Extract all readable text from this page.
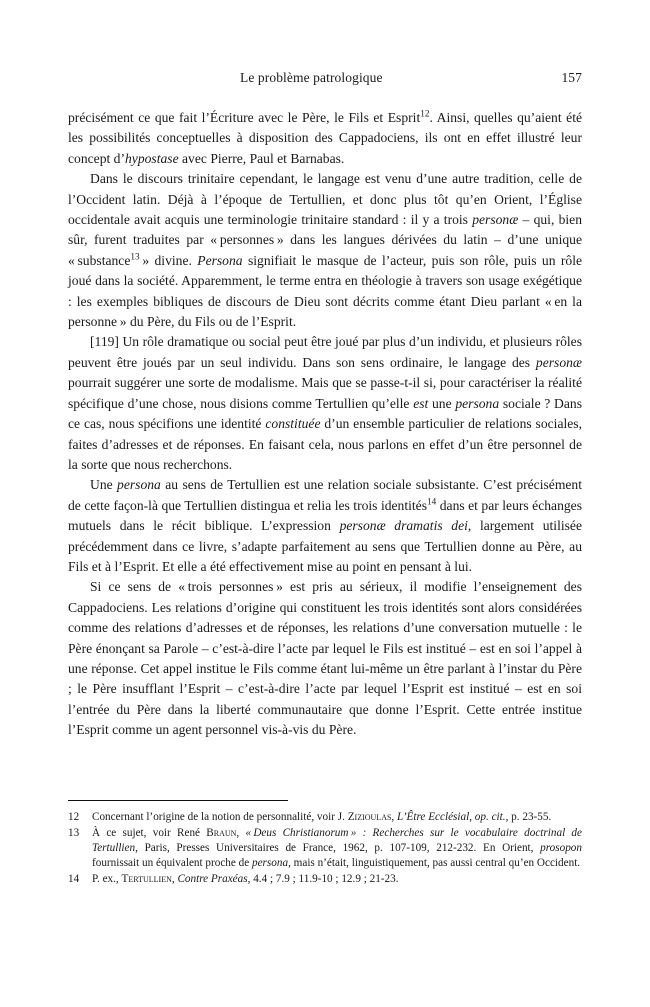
Le problème patrologique	157

précisément ce que fait l’Écriture avec le Père, le Fils et Esprit$^{12}$. Ainsi, quelles qu’aient été les possibilités conceptuelles à disposition des Cappadociens, ils ont en effet illustré leur concept d’hypostase avec Pierre, Paul et Barnabas.

Dans le discours trinitaire cependant, le langage est venu d’une autre tradition, celle de l’Occident latin. Déjà à l’époque de Tertullien, et donc plus tôt qu’en Orient, l’Église occidentale avait acquis une terminologie trinitaire standard : il y a trois personæ – qui, bien sûr, furent traduites par « personnes » dans les langues dérivées du latin – d’une unique « substance$^{13}$ » divine. Persona signifiait le masque de l’acteur, puis son rôle, puis un rôle joué dans la société. Apparemment, le terme entra en théologie à travers son usage exégétique : les exemples bibliques de discours de Dieu sont décrits comme étant Dieu parlant « en la personne » du Père, du Fils ou de l’Esprit.

[119] Un rôle dramatique ou social peut être joué par plus d’un individu, et plusieurs rôles peuvent être joués par un seul individu. Dans son sens ordinaire, le langage des personæ pourrait suggérer une sorte de modalisme. Mais que se passe-t-il si, pour caractériser la réalité spécifique d’une chose, nous disions comme Tertullien qu’elle est une persona sociale ? Dans ce cas, nous spécifions une identité constituée d’un ensemble particulier de relations sociales, faites d’adresses et de réponses. En faisant cela, nous parlons en effet d’un être personnel de la sorte que nous recherchons.

Une persona au sens de Tertullien est une relation sociale subsistante. C’est précisément de cette façon-là que Tertullien distingua et relia les trois identités$^{14}$ dans et par leurs échanges mutuels dans le récit biblique. L’expression personæ dramatis dei, largement utilisée précédemment dans ce livre, s’adapte parfaitement au sens que Tertullien donne au Père, au Fils et à l’Esprit. Et elle a été effectivement mise au point en pensant à lui.

Si ce sens de « trois personnes » est pris au sérieux, il modifie l’enseignement des Cappadociens. Les relations d’origine qui constituent les trois identités sont alors considérées comme des relations d’adresses et de réponses, les relations d’une conversation mutuelle : le Père énonçant sa Parole – c’est-à-dire l’acte par lequel le Fils est institué – est en soi l’appel à une réponse. Cet appel institue le Fils comme étant lui-même un être parlant à l’instar du Père ; le Père insufflant l’Esprit – c’est-à-dire l’acte par lequel l’Esprit est institué – est en soi l’entrée du Père dans la liberté communautaire que donne l’Esprit. Cette entrée institue l’Esprit comme un agent personnel vis-à-vis du Père.

12	Concernant l’origine de la notion de personnalité, voir J. Zizioulas, L’Être Ecclésial, op. cit., p. 23-55.
13	À ce sujet, voir René Braun, « Deus Christianorum » : Recherches sur le vocabulaire doctrinal de Tertullien, Paris, Presses Universitaires de France, 1962, p. 107-109, 212-232. En Orient, prosopon fournissait un équivalent proche de persona, mais n’était, linguistiquement, pas aussi central qu’en Occident.
14	P. ex., Tertullien, Contre Praxéas, 4.4 ; 7.9 ; 11.9-10 ; 12.9 ; 21-23.
